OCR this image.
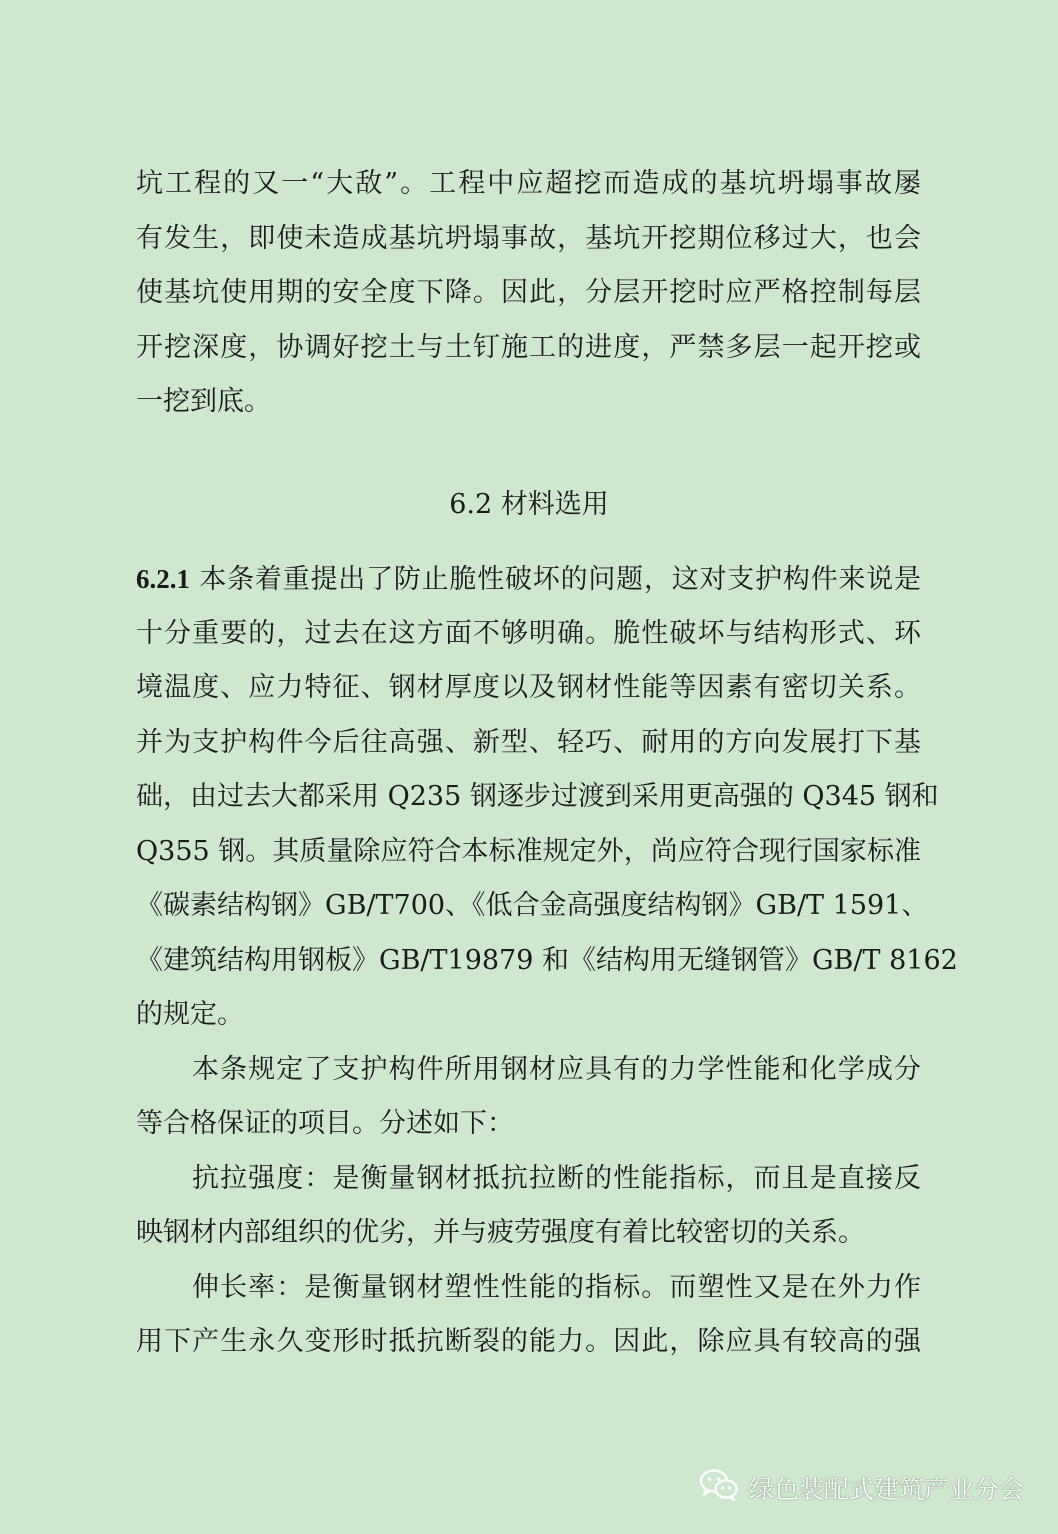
坑工程的又一“大敌”。工程中应超挖而造成的基坑坍塌事故屡
有发生，即使未造成基坑坍塌事故，基坑开挖期位移过大，也会
使基坑使用期的安全度下降。因此，分层开挖时应严格控制每层
开挖深度，协调好挖土与土钉施工的进度，严禁多层一起开挖或
一挖到底。
6.2 材料选用
6.2.1 本条着重提出了防止脆性破坏的问题，这对支护构件来说是
十分重要的，过去在这方面不够明确。脆性破坏与结构形式、环
境温度、应力特征、钢材厚度以及钢材性能等因素有密切关系。
并为支护构件今后往高强、新型、轻巧、耐用的方向发展打下基
础，由过去大都采用 Q235 钢逐步过渡到采用更高强的 Q345 钢和
Q355 钢。其质量除应符合本标准规定外，尚应符合现行国家标准
《碳素结构钢》GB/T700、《低合金高强度结构钢》GB/T 1591、
《建筑结构用钢板》GB/T19879 和《结构用无缝钢管》GB/T 8162
的规定。
本条规定了支护构件所用钢材应具有的力学性能和化学成分
等合格保证的项目。分述如下：
抗拉强度：是衡量钢材抵抗拉断的性能指标，而且是直接反
映钢材内部组织的优劣，并与疲劳强度有着比较密切的关系。
伸长率：是衡量钢材塑性性能的指标。而塑性又是在外力作
用下产生永久变形时抵抗断裂的能力。因此，除应具有较高的强
绿色装配式建筑产业分会
